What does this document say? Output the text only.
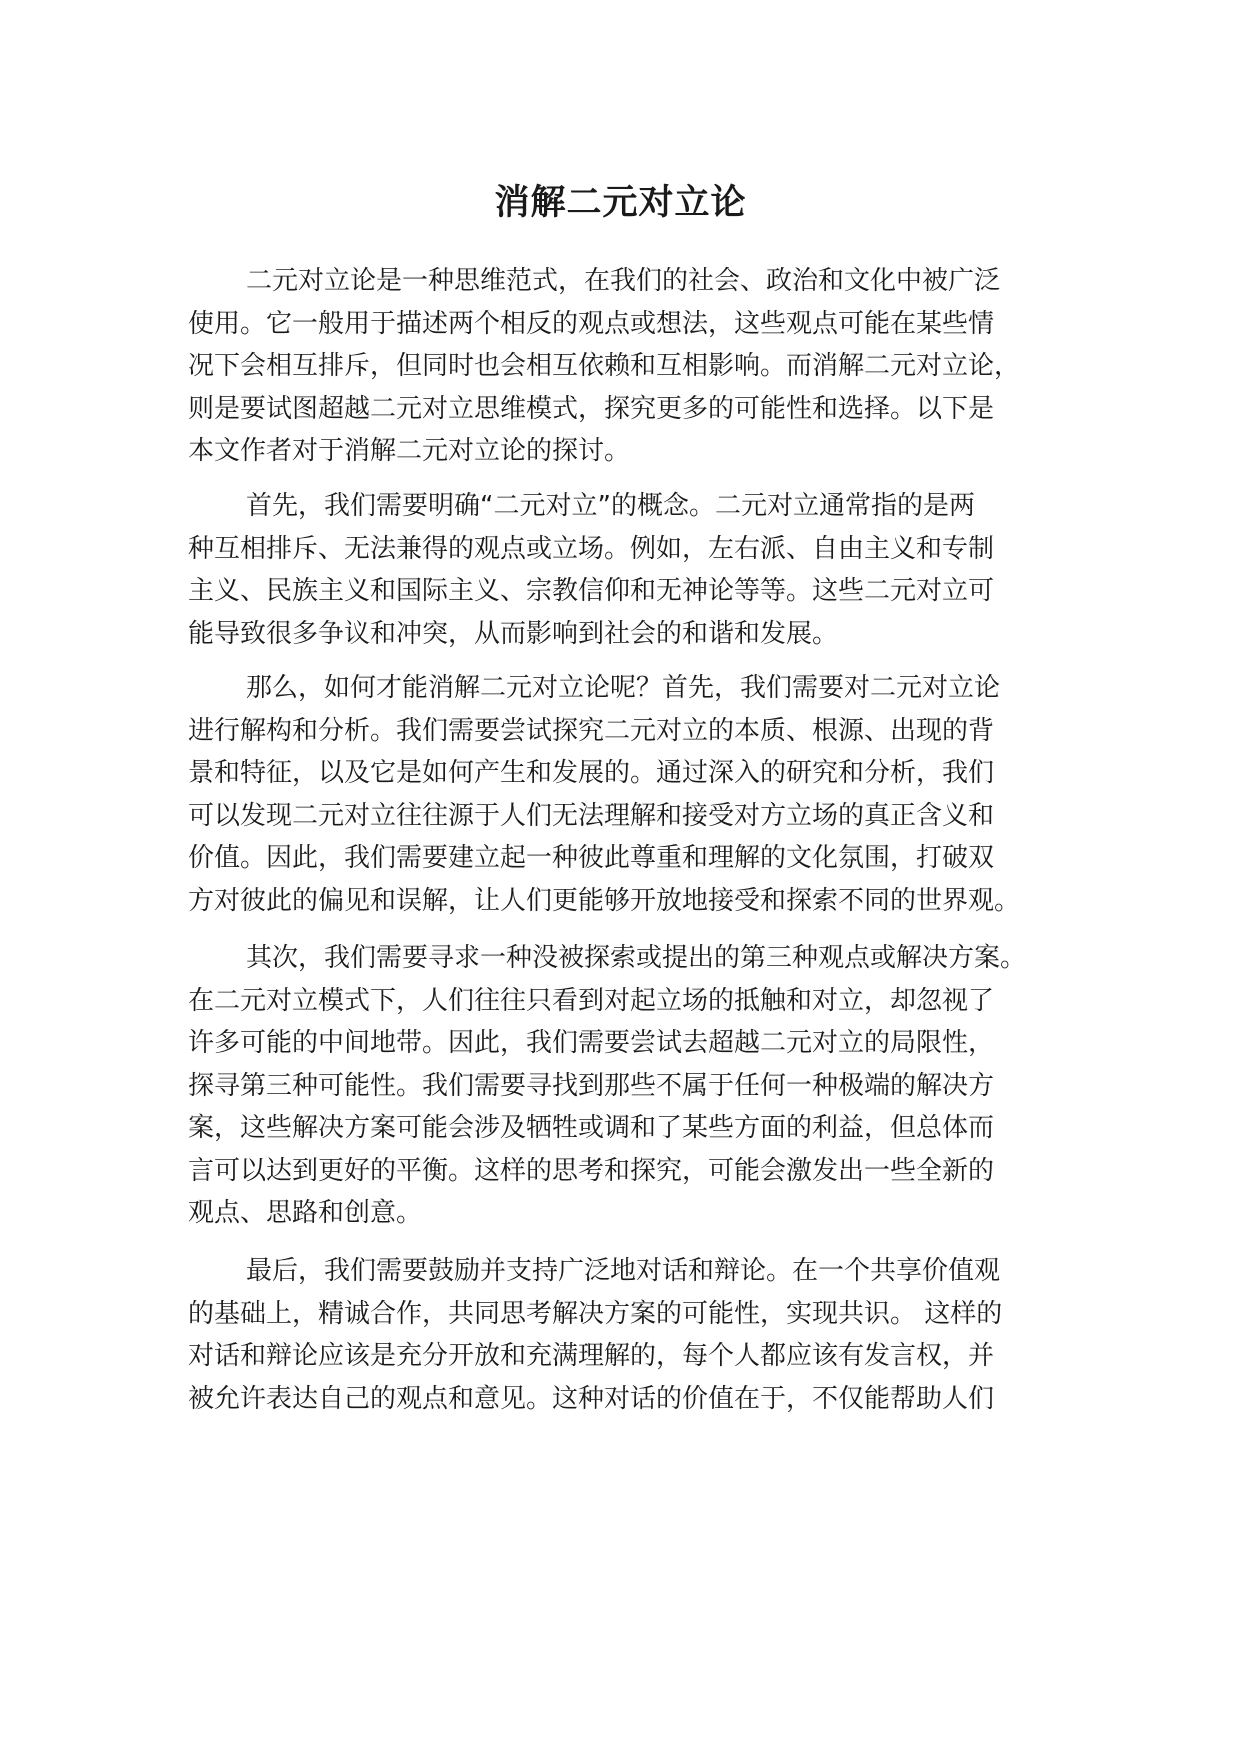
消解二元对立论
二元对立论是一种思维范式，在我们的社会、政治和文化中被广泛
使用。它一般用于描述两个相反的观点或想法，这些观点可能在某些情
况下会相互排斥，但同时也会相互依赖和互相影响。而消解二元对立论，
则是要试图超越二元对立思维模式，探究更多的可能性和选择。以下是
本文作者对于消解二元对立论的探讨。
首先，我们需要明确“二元对立”的概念。二元对立通常指的是两
种互相排斥、无法兼得的观点或立场。例如，左右派、自由主义和专制
主义、民族主义和国际主义、宗教信仰和无神论等等。这些二元对立可
能导致很多争议和冲突，从而影响到社会的和谐和发展。
那么，如何才能消解二元对立论呢？首先，我们需要对二元对立论
进行解构和分析。我们需要尝试探究二元对立的本质、根源、出现的背
景和特征，以及它是如何产生和发展的。通过深入的研究和分析，我们
可以发现二元对立往往源于人们无法理解和接受对方立场的真正含义和
价值。因此，我们需要建立起一种彼此尊重和理解的文化氛围，打破双
方对彼此的偏见和误解，让人们更能够开放地接受和探索不同的世界观。
其次，我们需要寻求一种没被探索或提出的第三种观点或解决方案。
在二元对立模式下，人们往往只看到对起立场的抵触和对立，却忽视了
许多可能的中间地带。因此，我们需要尝试去超越二元对立的局限性，
探寻第三种可能性。我们需要寻找到那些不属于任何一种极端的解决方
案，这些解决方案可能会涉及牺牲或调和了某些方面的利益，但总体而
言可以达到更好的平衡。这样的思考和探究，可能会激发出一些全新的
观点、思路和创意。
最后，我们需要鼓励并支持广泛地对话和辩论。在一个共享价值观
的基础上，精诚合作，共同思考解决方案的可能性，实现共识。 这样的
对话和辩论应该是充分开放和充满理解的，每个人都应该有发言权，并
被允许表达自己的观点和意见。这种对话的价值在于，不仅能帮助人们
